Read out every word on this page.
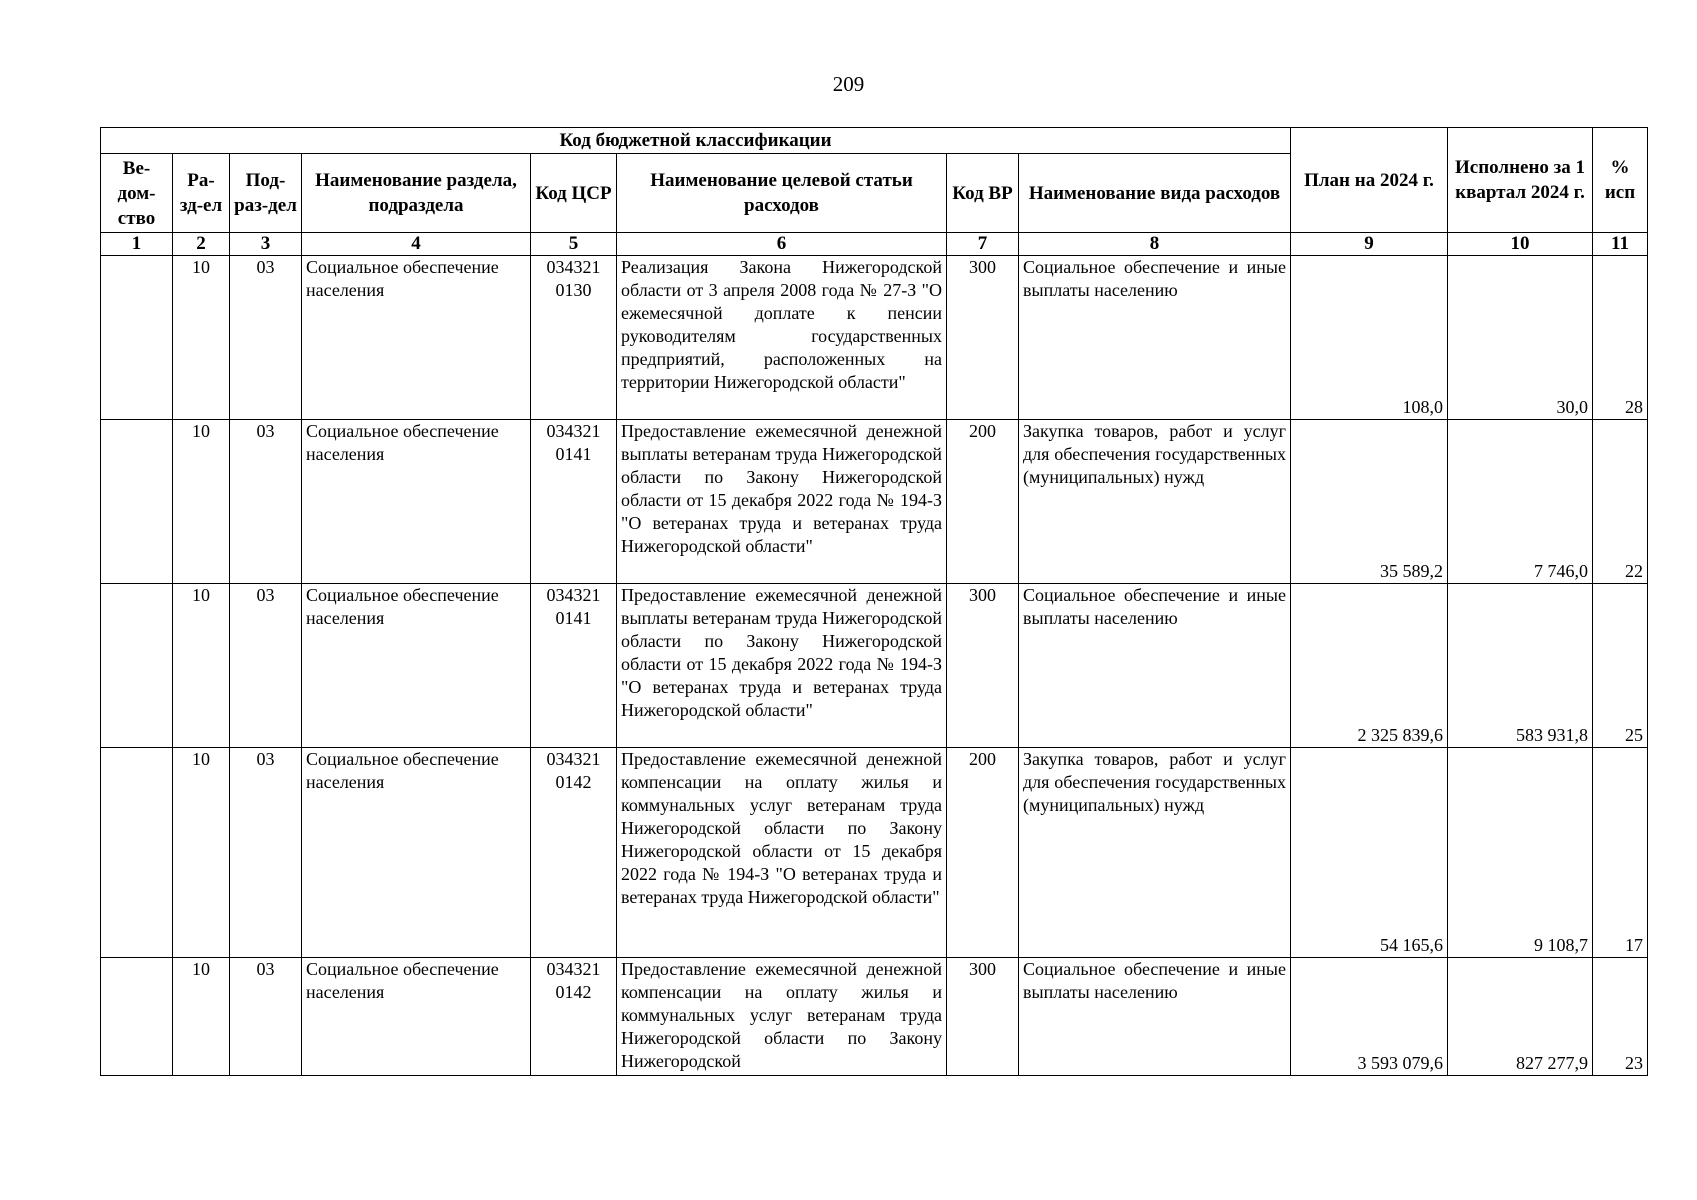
209
Код бюджетной классификации								План на 2024 г.	Исполнено за 1 квартал 2024 г.	% исп
Ве-дом-ство	Ра-зд-ел	Под-раз-дел	Наименование раздела, подраздела	Код ЦСР	Наименование целевой статьи расходов	Код ВР	Наименование вида расходов			
1	2	3	4	5	6	7	8	9	10	11
	10	03	Социальное обеспечение населения	034321 0130	Реализация Закона Нижегородской области от 3 апреля 2008 года № 27-З "О ежемесячной доплате к пенсии руководителям государственных предприятий, расположенных на территории Нижегородской области"	300	Социальное обеспечение и иные выплаты населению	108,0	30,0	28
	10	03	Социальное обеспечение населения	034321 0141	Предоставление ежемесячной денежной выплаты ветеранам труда Нижегородской области по Закону Нижегородской области от 15 декабря 2022 года № 194-З "О ветеранах труда и ветеранах труда Нижегородской области"	200	Закупка товаров, работ и услуг для обеспечения государственных (муниципальных) нужд	35 589,2	7 746,0	22
	10	03	Социальное обеспечение населения	034321 0141	Предоставление ежемесячной денежной выплаты ветеранам труда Нижегородской области по Закону Нижегородской области от 15 декабря 2022 года № 194-З "О ветеранах труда и ветеранах труда Нижегородской области"	300	Социальное обеспечение и иные выплаты населению	2 325 839,6	583 931,8	25
	10	03	Социальное обеспечение населения	034321 0142	Предоставление ежемесячной денежной компенсации на оплату жилья и коммунальных услуг ветеранам труда Нижегородской области по Закону Нижегородской области от 15 декабря 2022 года № 194-З "О ветеранах труда и ветеранах труда Нижегородской области"	200	Закупка товаров, работ и услуг для обеспечения государственных (муниципальных) нужд	54 165,6	9 108,7	17
	10	03	Социальное обеспечение населения	034321 0142	Предоставление ежемесячной денежной компенсации на оплату жилья и коммунальных услуг ветеранам труда Нижегородской области по Закону Нижегородской	300	Социальное обеспечение и иные выплаты населению	3 593 079,6	827 277,9	23
